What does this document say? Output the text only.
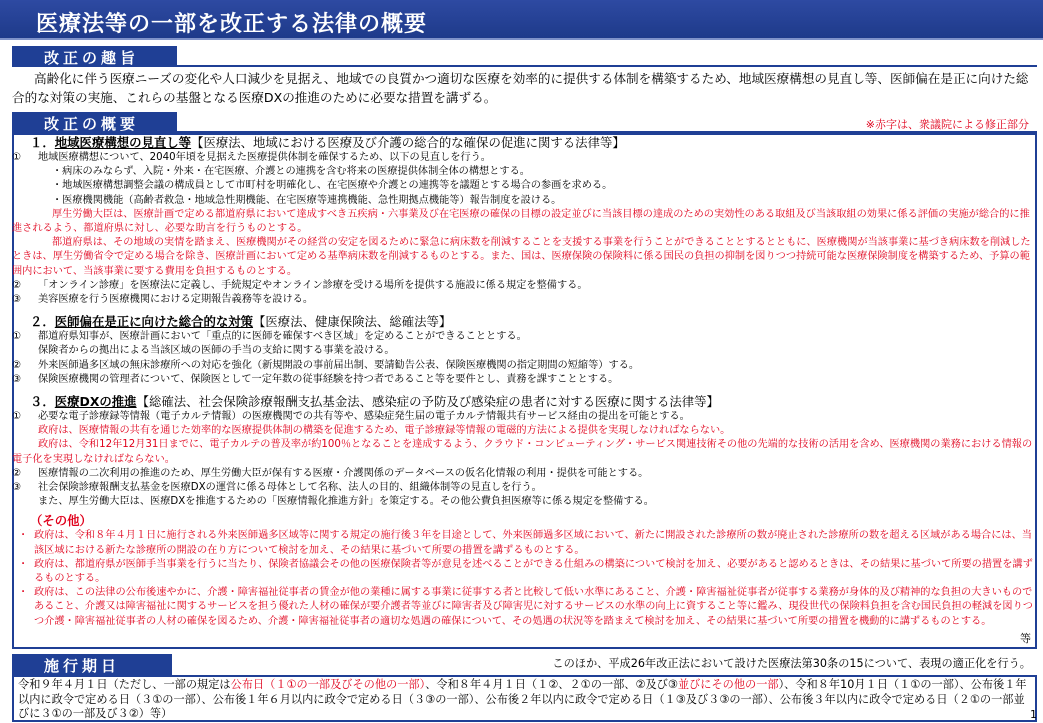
医療法等の一部を改正する法律の概要
改正の趣旨
高齢化に伴う医療ニーズの変化や人口減少を見据え、地域での良質かつ適切な医療を効率的に提供する体制を構築するため、地域医療構想の見直し等、医師偏在是正に向けた総合的な対策の実施、これらの基盤となる医療DXの推進のために必要な措置を講ずる。
改正の概要	※赤字は、衆議院による修正部分
１．地域医療構想の見直し等【医療法、地域における医療及び介護の総合的な確保の促進に関する法律等】
①	地域医療構想について、2040年頃を見据えた医療提供体制を確保するため、以下の見直しを行う。
・病床のみならず、入院・外来・在宅医療、介護との連携を含む将来の医療提供体制全体の構想とする。
・地域医療構想調整会議の構成員として市町村を明確化し、在宅医療や介護との連携等を議題とする場合の参画を求める。
・医療機関機能（高齢者救急・地域急性期機能、在宅医療等連携機能、急性期拠点機能等）報告制度を設ける。
厚生労働大臣は、医療計画で定める都道府県において達成すべき五疾病・六事業及び在宅医療の確保の目標の設定並びに当該目標の達成のための実効性のある取組及び当該取組の効果に係る評価の実施が総合的に推進されるよう、都道府県に対し、必要な助言を行うものとする。
都道府県は、その地域の実情を踏まえ、医療機関がその経営の安定を図るために緊急に病床数を削減することを支援する事業を行うことができることとするとともに、医療機関が当該事業に基づき病床数を削減したときは、厚生労働省令で定める場合を除き、医療計画において定める基準病床数を削減するものとする。また、国は、医療保険の保険料に係る国民の負担の抑制を図りつつ持続可能な医療保険制度を構築するため、予算の範囲内において、当該事業に要する費用を負担するものとする。
②	「オンライン診療」を医療法に定義し、手続規定やオンライン診療を受ける場所を提供する施設に係る規定を整備する。
③	美容医療を行う医療機関における定期報告義務等を設ける。
２．医師偏在是正に向けた総合的な対策【医療法、健康保険法、総確法等】
①	都道府県知事が、医療計画において「重点的に医師を確保すべき区域」を定めることができることとする。
保険者からの拠出による当該区域の医師の手当の支給に関する事業を設ける。
②	外来医師過多区域の無床診療所への対応を強化（新規開設の事前届出制、要請勧告公表、保険医療機関の指定期間の短縮等）する。
③	保険医療機関の管理者について、保険医として一定年数の従事経験を持つ者であること等を要件とし、責務を課すこととする。
３．医療DXの推進【総確法、社会保険診療報酬支払基金法、感染症の予防及び感染症の患者に対する医療に関する法律等】
①	必要な電子診療録等情報（電子カルテ情報）の医療機関での共有等や、感染症発生届の電子カルテ情報共有サービス経由の提出を可能とする。
政府は、医療情報の共有を通じた効率的な医療提供体制の構築を促進するため、電子診療録等情報の電磁的方法による提供を実現しなければならない。
政府は、令和12年12月31日までに、電子カルテの普及率が約100％となることを達成するよう、クラウド・コンピューティング・サービス関連技術その他の先端的な技術の活用を含め、医療機関の業務における情報の電子化を実現しなければならない。
②	医療情報の二次利用の推進のため、厚生労働大臣が保有する医療・介護関係のデータベースの仮名化情報の利用・提供を可能とする。
③	社会保険診療報酬支払基金を医療DXの運営に係る母体として名称、法人の目的、組織体制等の見直しを行う。
また、厚生労働大臣は、医療DXを推進するための「医療情報化推進方針」を策定する。その他公費負担医療等に係る規定を整備する。
（その他）
・ 政府は、令和８年４月１日に施行される外来医師過多区域等に関する規定の施行後３年を目途として、外来医師過多区域において、新たに開設された診療所の数が廃止された診療所の数を超える区域がある場合には、当該区域における新たな診療所の開設の在り方について検討を加え、その結果に基づいて所要の措置を講ずるものとする。
・ 政府は、都道府県が医師手当事業を行うに当たり、保険者協議会その他の医療保険者等が意見を述べることができる仕組みの構築について検討を加え、必要があると認めるときは、その結果に基づいて所要の措置を講ずるものとする。
・ 政府は、この法律の公布後速やかに、介護・障害福祉従事者の賃金が他の業種に属する事業に従事する者と比較して低い水準にあること、介護・障害福祉従事者が従事する業務が身体的及び精神的な負担の大きいものであること、介護又は障害福祉に関するサービスを担う優れた人材の確保が要介護者等並びに障害者及び障害児に対するサービスの水準の向上に資すること等に鑑み、現役世代の保険料負担を含む国民負担の軽減を図りつつ介護・障害福祉従事者の人材の確保を図るため、介護・障害福祉従事者の適切な処遇の確保について、その処遇の状況等を踏まえて検討を加え、その結果に基づいて所要の措置を機動的に講ずるものとする。
等
施行期日	このほか、平成26年改正法において設けた医療法第30条の15について、表現の適正化を行う。
令和９年４月１日（ただし、一部の規定は公布日（１①の一部及びその他の一部）、令和８年４月１日（１②、２①の一部、②及び③並びにその他の一部）、令和８年10月１日（１①の一部）、公布後１年以内に政令で定める日（３①の一部）、公布後１年６月以内に政令で定める日（３③の一部）、公布後２年以内に政令で定める日（１③及び３③の一部）、公布後３年以内に政令で定める日（２①の一部並びに３①の一部及び３②）等）	1
